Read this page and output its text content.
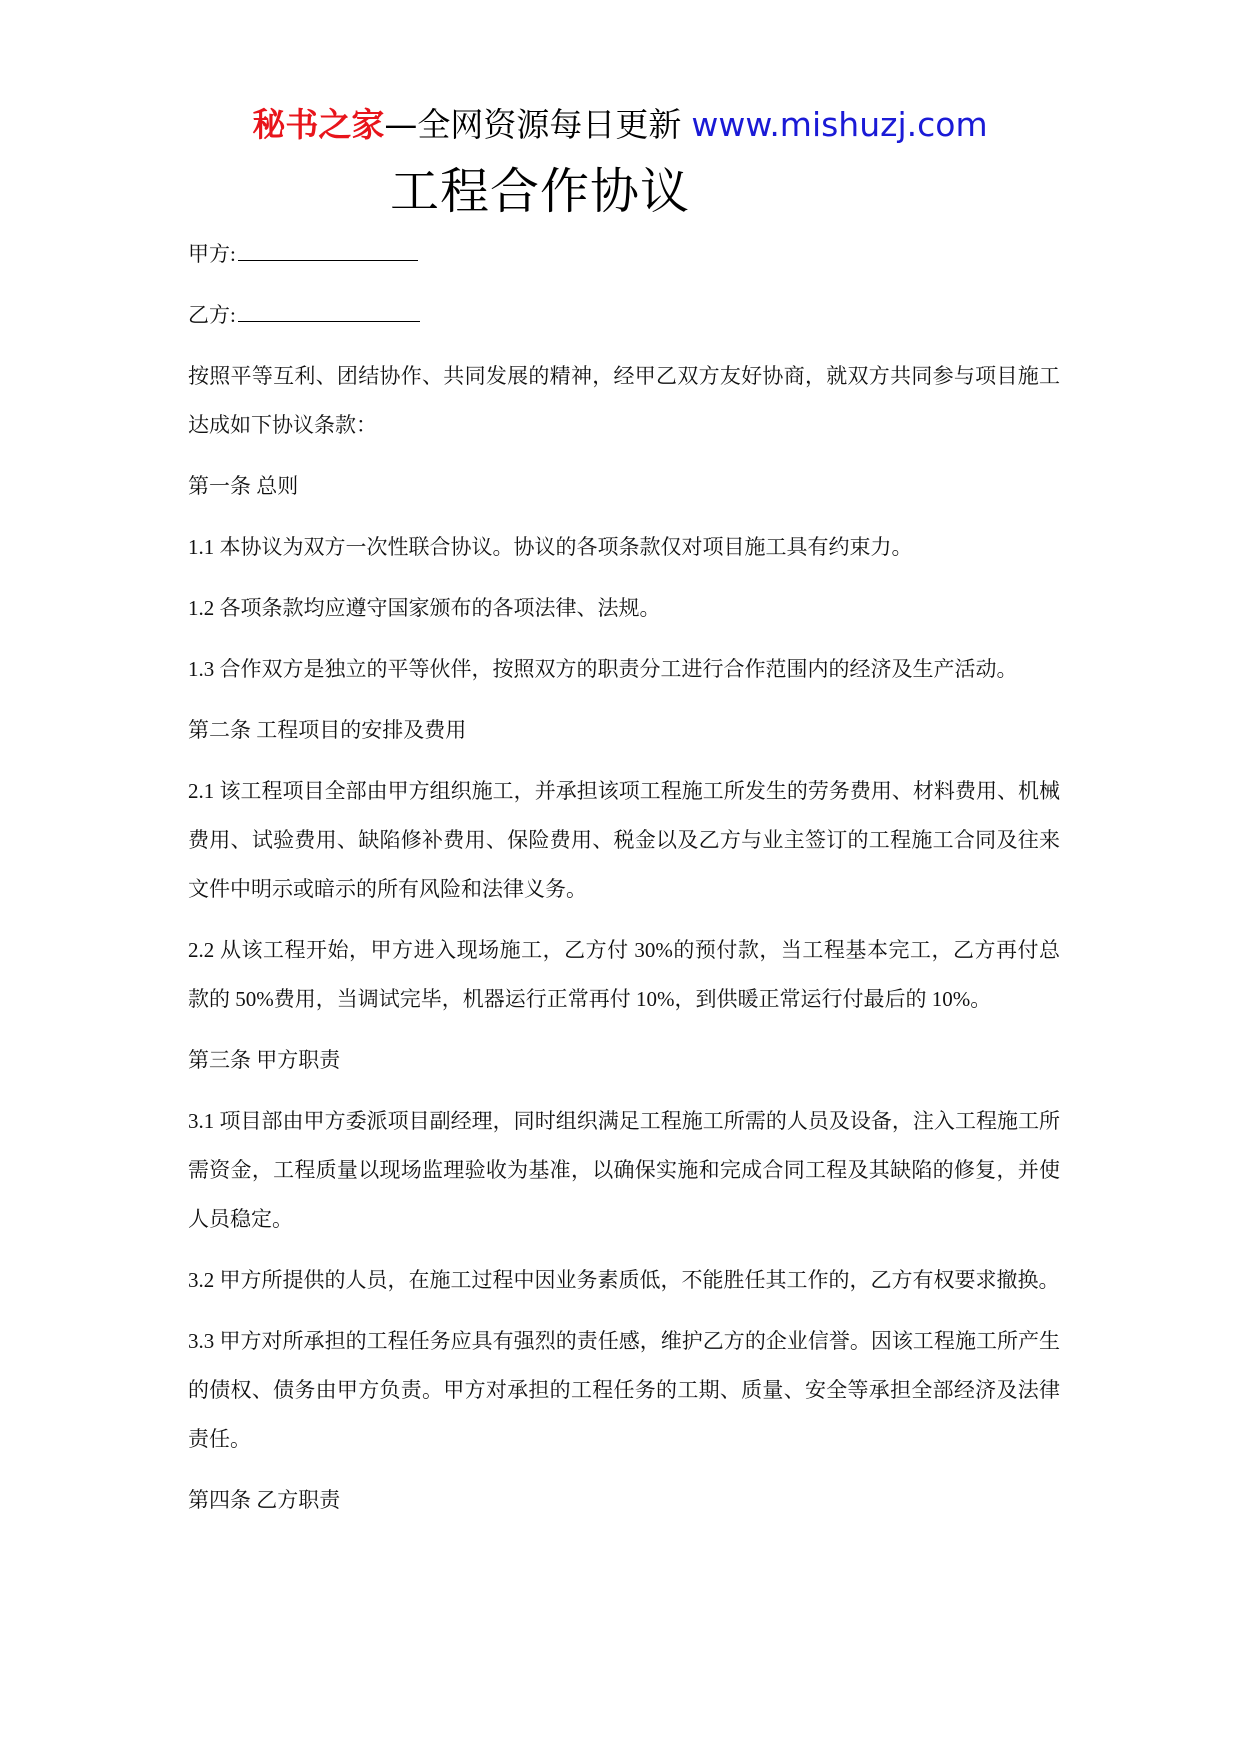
秘书之家—全网资源每日更新 www.mishuzj.com
工程合作协议

甲方:

乙方:

按照平等互利、团结协作、共同发展的精神，经甲乙双方友好协商，就双方共同参与项目施工达成如下协议条款：

第一条 总则

1.1 本协议为双方一次性联合协议。协议的各项条款仅对项目施工具有约束力。

1.2 各项条款均应遵守国家颁布的各项法律、法规。

1.3 合作双方是独立的平等伙伴，按照双方的职责分工进行合作范围内的经济及生产活动。

第二条 工程项目的安排及费用

2.1 该工程项目全部由甲方组织施工，并承担该项工程施工所发生的劳务费用、材料费用、机械费用、试验费用、缺陷修补费用、保险费用、税金以及乙方与业主签订的工程施工合同及往来文件中明示或暗示的所有风险和法律义务。

2.2 从该工程开始，甲方进入现场施工，乙方付 30%的预付款，当工程基本完工，乙方再付总款的 50%费用，当调试完毕，机器运行正常再付 10%，到供暖正常运行付最后的 10%。

第三条 甲方职责

3.1 项目部由甲方委派项目副经理，同时组织满足工程施工所需的人员及设备，注入工程施工所需资金，工程质量以现场监理验收为基准，以确保实施和完成合同工程及其缺陷的修复，并使人员稳定。

3.2 甲方所提供的人员，在施工过程中因业务素质低，不能胜任其工作的，乙方有权要求撤换。

3.3 甲方对所承担的工程任务应具有强烈的责任感，维护乙方的企业信誉。因该工程施工所产生的债权、债务由甲方负责。甲方对承担的工程任务的工期、质量、安全等承担全部经济及法律责任。

第四条 乙方职责
